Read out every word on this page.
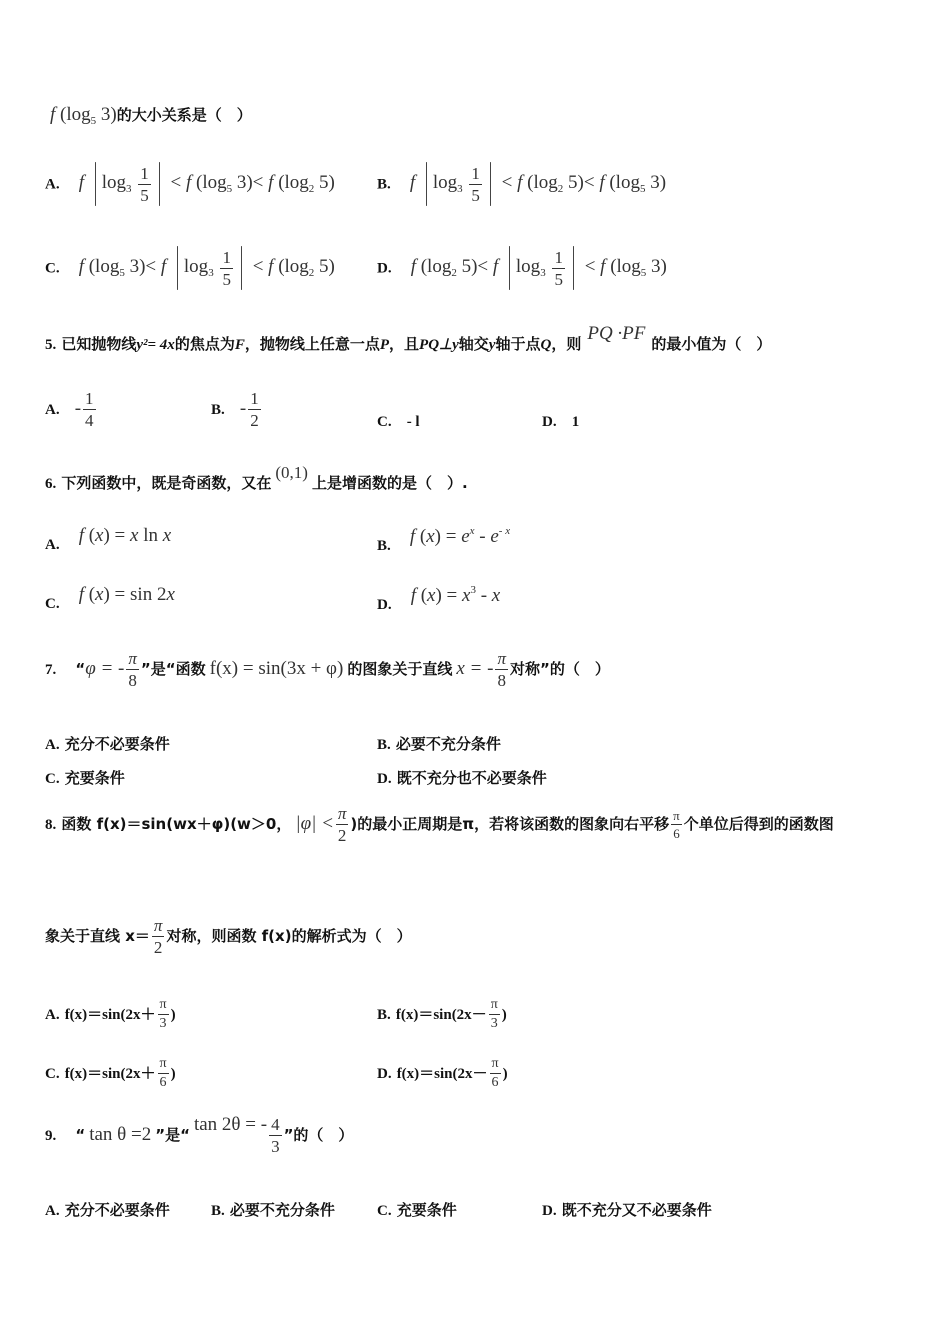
f ($\log_5$ 3)的大小关系是（　）
A. f $\log_3 \frac{1}{5} < f$ ($\log_5$ 3)< f ($\log_2$ 5)	B. f $\log_3 \frac{1}{5} < f$ ($\log_2$ 5)< f ($\log_5$ 3)
C. f ($\log_5$ 3)< f $\log_3 \frac{1}{5} < f$ ($\log_2$ 5)	D. f ($\log_2$ 5)< f $\log_3 \frac{1}{5} < f$ ($\log_5$ 3)
5. 已知抛物线y²= 4x的焦点为F，抛物线上任意一点P，且PQ⊥y轴交y轴于点Q，则 PQ ·PF 的最小值为（　）
A. - $\frac{1}{4}$	B. - $\frac{1}{2}$	C. - l	D. 1
6. 下列函数中，既是奇函数，又在(0,1)上是增函数的是（　）.
A. f (x) = x ln x	B. f $(x) = e^x - e^{- x}$
C. f (x) = sin 2x	D. f $(x) = x^3 - x$
7. “φ = - $\frac{\pi}{8}$ ”是“函数 f(x) = sin(3x + φ) 的图象关于直线 x = - $\frac{\pi}{8}$ 对称”的（　）
A. 充分不必要条件	B. 必要不充分条件
C. 充要条件	D. 既不充分也不必要条件
8. 函数 f(x)＝sin(wx＋φ)(w＞0， $|\varphi| < \frac{\pi}{2}$ )的最小正周期是π，若将该函数的图象向右平移 $\frac{\pi}{6}$ 个单位后得到的函数图
象关于直线 $x= \frac{\pi}{2}$ 对称，则函数 f(x)的解析式为（　）
A. $f(x)=\sin(2x+ \frac{\pi}{3}$ )	B. $f(x)=\sin(2x- \frac{\pi}{3}$ )
C. $f(x)=\sin(2x+ \frac{\pi}{6}$ )	D. $f(x)=\sin(2x- \frac{\pi}{6}$ )
9. “ tan θ =2 ”是“ tan 2θ = - $\frac{4}{3}$ ”的（　）
A. 充分不必要条件	B. 必要不充分条件	C. 充要条件	D. 既不充分又不必要条件
